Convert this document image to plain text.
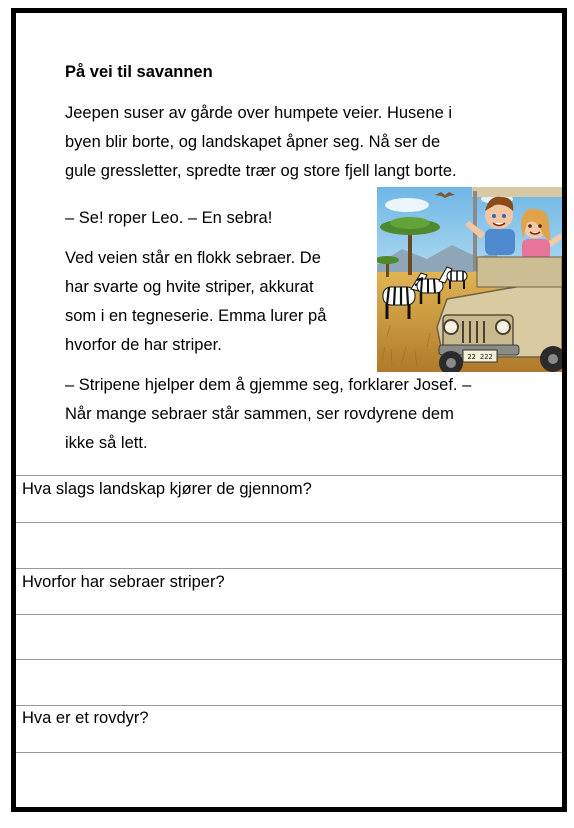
På vei til savannen
Jeepen suser av gårde over humpete veier. Husene i
byen blir borte, og landskapet åpner seg. Nå ser de
gule gressletter, spredte trær og store fjell langt borte.
– Se! roper Leo. – En sebra!
Ved veien står en flokk sebraer. De
har svarte og hvite striper, akkurat
som i en tegneserie. Emma lurer på
hvorfor de har striper.
22 222
– Stripene hjelper dem å gjemme seg, forklarer Josef. –
Når mange sebraer står sammen, ser rovdyrene dem
ikke så lett.
Hva slags landskap kjører de gjennom?
Hvorfor har sebraer striper?
Hva er et rovdyr?
